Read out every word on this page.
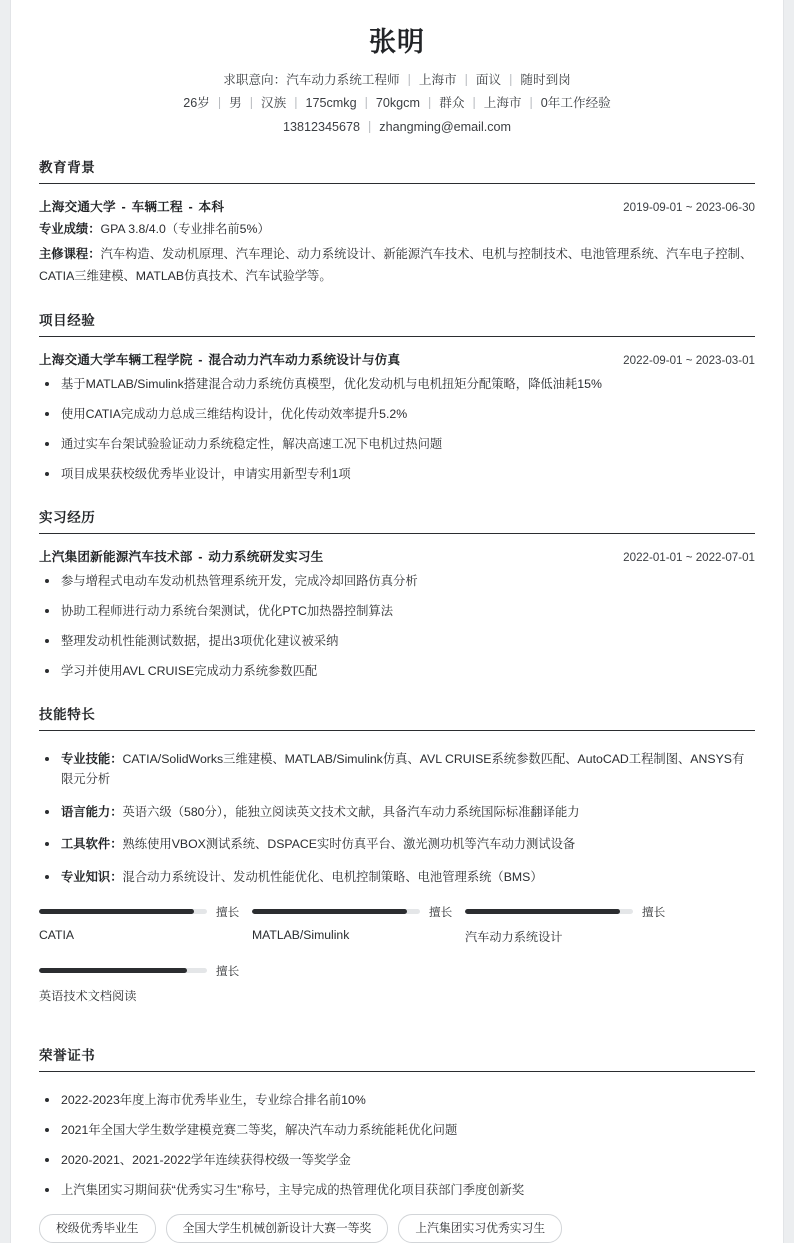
张明
求职意向：汽车动力系统工程师 | 上海市 | 面议 | 随时到岗
26岁 | 男 | 汉族 | 175cmkg | 70kgcm | 群众 | 上海市 | 0年工作经验
13812345678 | zhangming@email.com
教育背景
上海交通大学 - 车辆工程 - 本科	2019-09-01 ~ 2023-06-30
专业成绩：GPA 3.8/4.0（专业排名前5%）
主修课程：汽车构造、发动机原理、汽车理论、动力系统设计、新能源汽车技术、电机与控制技术、电池管理系统、汽车电子控制、CATIA三维建模、MATLAB仿真技术、汽车试验学等。
项目经验
上海交通大学车辆工程学院 - 混合动力汽车动力系统设计与仿真	2022-09-01 ~ 2023-03-01
基于MATLAB/Simulink搭建混合动力系统仿真模型，优化发动机与电机扭矩分配策略，降低油耗15%
使用CATIA完成动力总成三维结构设计，优化传动效率提升5.2%
通过实车台架试验验证动力系统稳定性，解决高速工况下电机过热问题
项目成果获校级优秀毕业设计，申请实用新型专利1项
实习经历
上汽集团新能源汽车技术部 - 动力系统研发实习生	2022-01-01 ~ 2022-07-01
参与增程式电动车发动机热管理系统开发，完成冷却回路仿真分析
协助工程师进行动力系统台架测试，优化PTC加热器控制算法
整理发动机性能测试数据，提出3项优化建议被采纳
学习并使用AVL CRUISE完成动力系统参数匹配
技能特长
专业技能：CATIA/SolidWorks三维建模、MATLAB/Simulink仿真、AVL CRUISE系统参数匹配、AutoCAD工程制图、ANSYS有限元分析
语言能力：英语六级（580分），能独立阅读英文技术文献，具备汽车动力系统国际标准翻译能力
工具软件：熟练使用VBOX测试系统、DSPACE实时仿真平台、激光测功机等汽车动力测试设备
专业知识：混合动力系统设计、发动机性能优化、电机控制策略、电池管理系统（BMS）
擅长
CATIA
擅长
MATLAB/Simulink
擅长
汽车动力系统设计
擅长
英语技术文档阅读
荣誉证书
2022-2023年度上海市优秀毕业生，专业综合排名前10%
2021年全国大学生数学建模竞赛二等奖，解决汽车动力系统能耗优化问题
2020-2021、2021-2022学年连续获得校级一等奖学金
上汽集团实习期间获“优秀实习生”称号，主导完成的热管理优化项目获部门季度创新奖
校级优秀毕业生	全国大学生机械创新设计大赛一等奖	上汽集团实习优秀实习生
